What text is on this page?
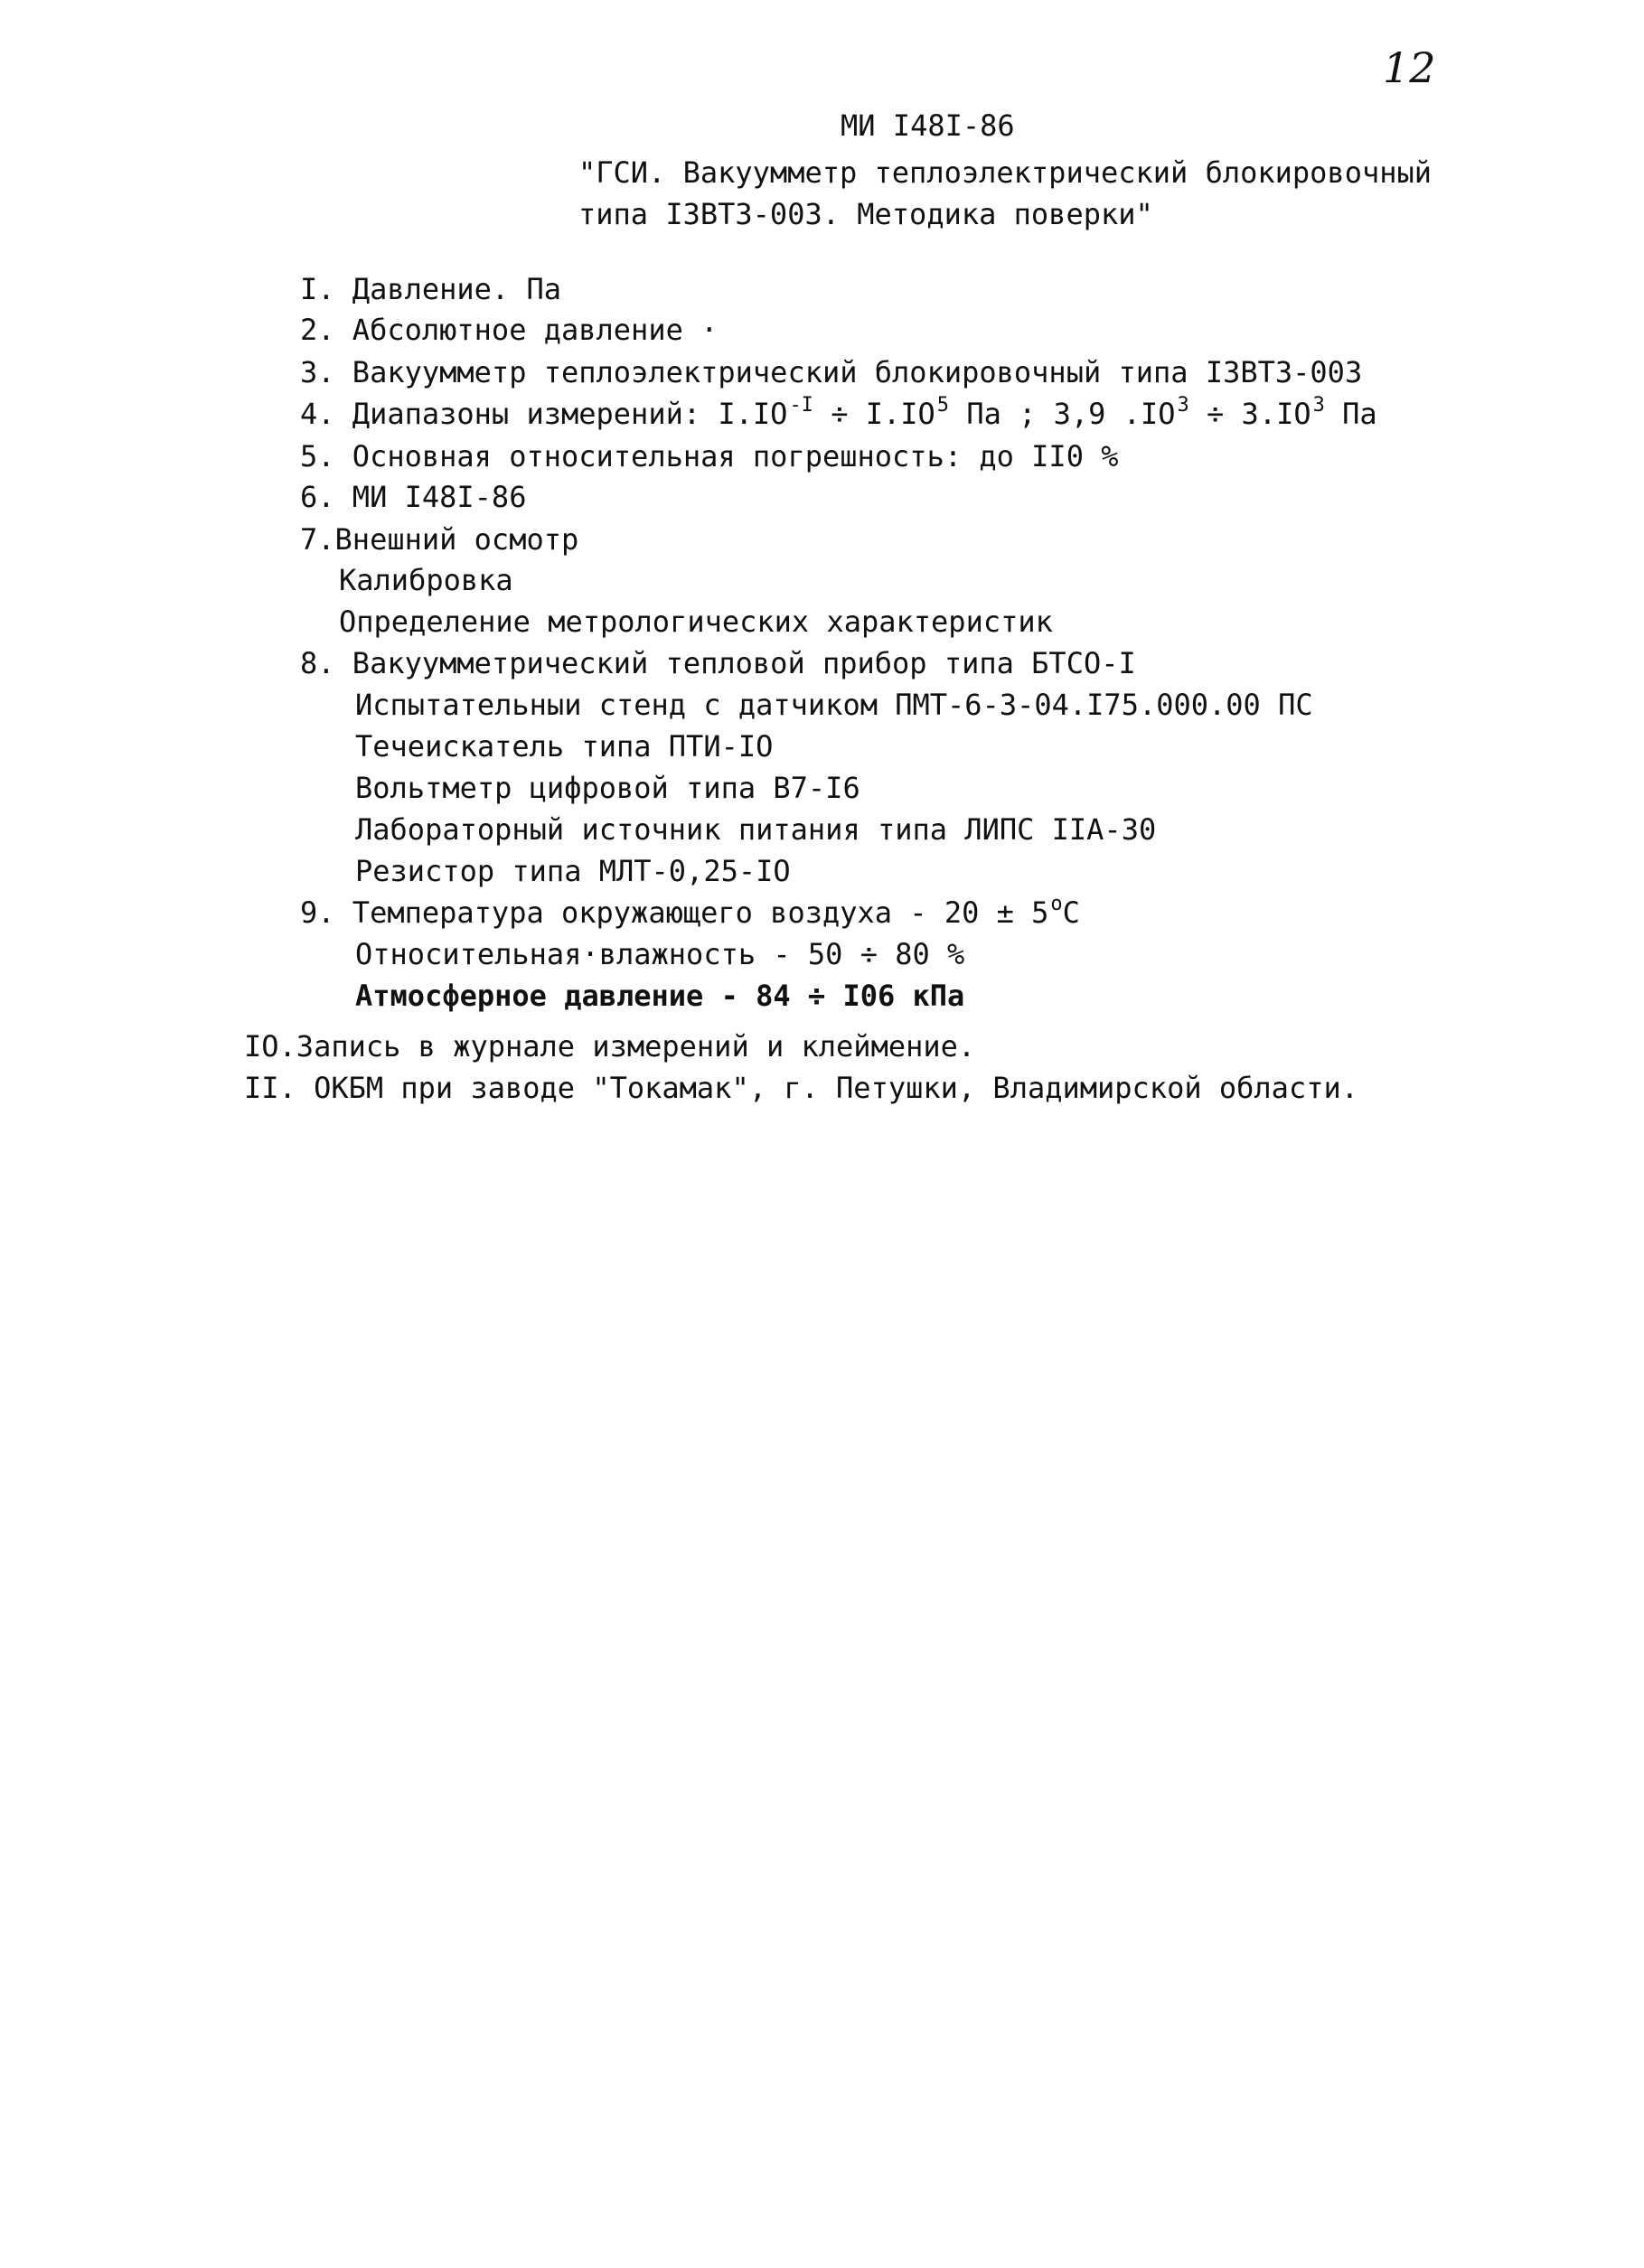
12
МИ I48I-86
"ГСИ. Вакуумметр теплоэлектрический блокировочный
типа I3ВТ3-003. Методика поверки"
I. Давление. Па
2. Абсолютное давление ·
3. Вакуумметр теплоэлектрический блокировочный типа I3ВТ3-003
4. Диапазоны измерений: $I.IO^{-I} \div I.IO^5$ Па ; 3,9 $.IO^3 \div 3.IO^3$ Па
5. Основная относительная погрешность: до II0 %
6. МИ I48I-86
7.Внешний осмотр
Калибровка
Определение метрологических характеристик
8. Вакуумметрический тепловой прибор типа БТСО-I
Испытательныи стенд с датчиком ПМТ-6-3-04.I75.000.00 ПС
Течеискатель типа ПТИ-IO
Вольтметр цифровой типа В7-I6
Лабораторный источник питания типа ЛИПС IIА-30
Резистор типа МЛТ-0,25-IO
9. Температура окружающего воздуха - $20 \pm 5^оС$
Относительная·влажность - 50 ÷ 80 %
Атмосферное давление - 84 ÷ I06 кПа
IO.Запись в журнале измерений и клеймение.
II. ОКБМ при заводе "Токамак", г. Петушки, Владимирской области.
